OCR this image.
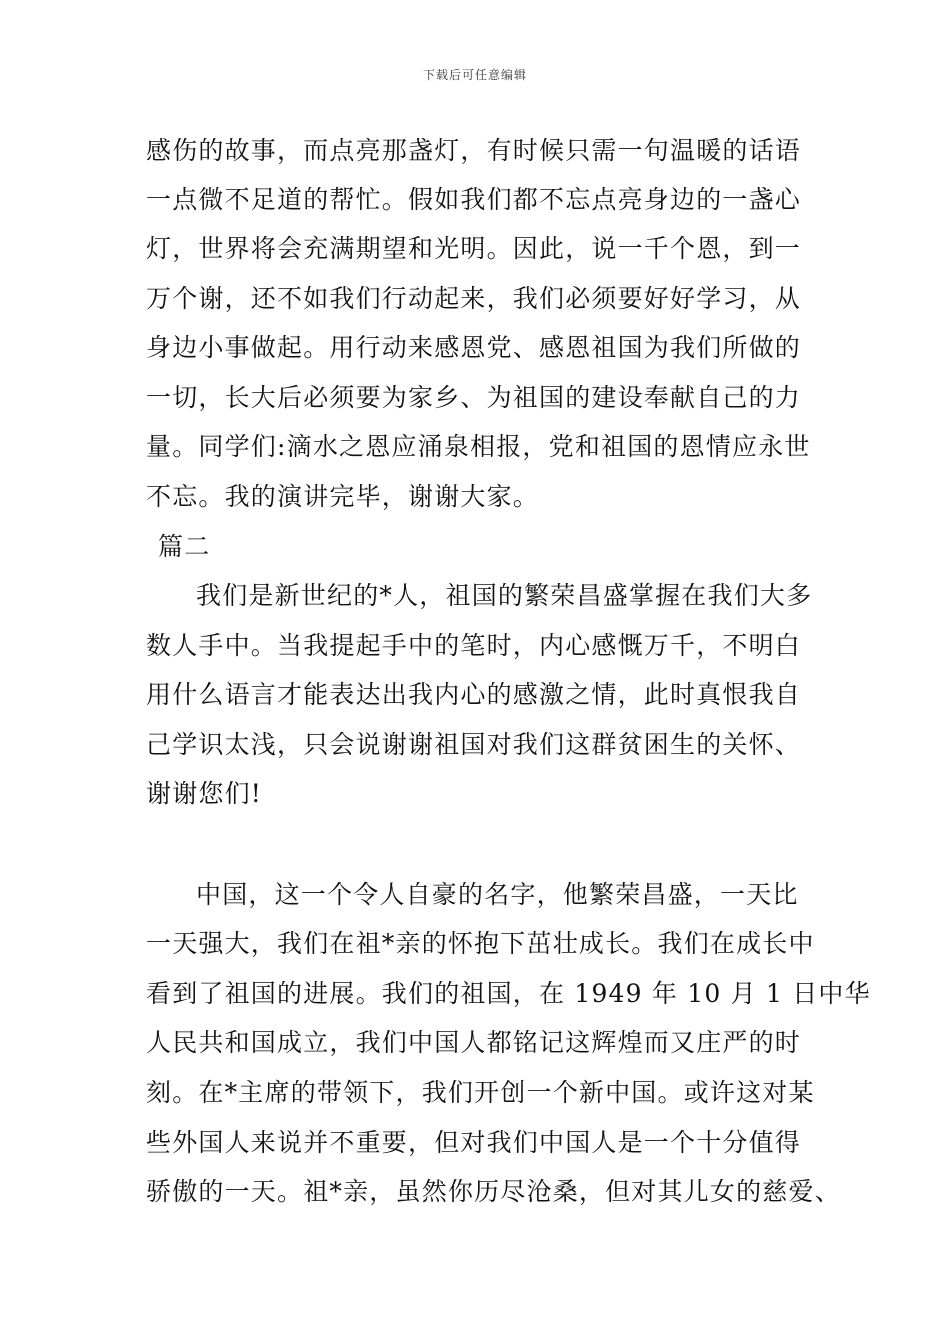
下载后可任意编辑
感伤的故事，而点亮那盏灯，有时候只需一句温暖的话语
一点微不足道的帮忙。假如我们都不忘点亮身边的一盏心
灯，世界将会充满期望和光明。因此，说一千个恩，到一
万个谢，还不如我们行动起来，我们必须要好好学习，从
身边小事做起。用行动来感恩党、感恩祖国为我们所做的
一切，长大后必须要为家乡、为祖国的建设奉献自己的力
量。同学们:滴水之恩应涌泉相报，党和祖国的恩情应永世
不忘。我的演讲完毕，谢谢大家。
篇二
我们是新世纪的*人，祖国的繁荣昌盛掌握在我们大多
数人手中。当我提起手中的笔时，内心感慨万千，不明白
用什么语言才能表达出我内心的感激之情，此时真恨我自
己学识太浅，只会说谢谢祖国对我们这群贫困生的关怀、
谢谢您们!
中国，这一个令人自豪的名字，他繁荣昌盛，一天比
一天强大，我们在祖*亲的怀抱下茁壮成长。我们在成长中
看到了祖国的进展。我们的祖国，在 1949 年 10 月 1 日中华
人民共和国成立，我们中国人都铭记这辉煌而又庄严的时
刻。在*主席的带领下，我们开创一个新中国。或许这对某
些外国人来说并不重要，但对我们中国人是一个十分值得
骄傲的一天。祖*亲，虽然你历尽沧桑，但对其儿女的慈爱、
